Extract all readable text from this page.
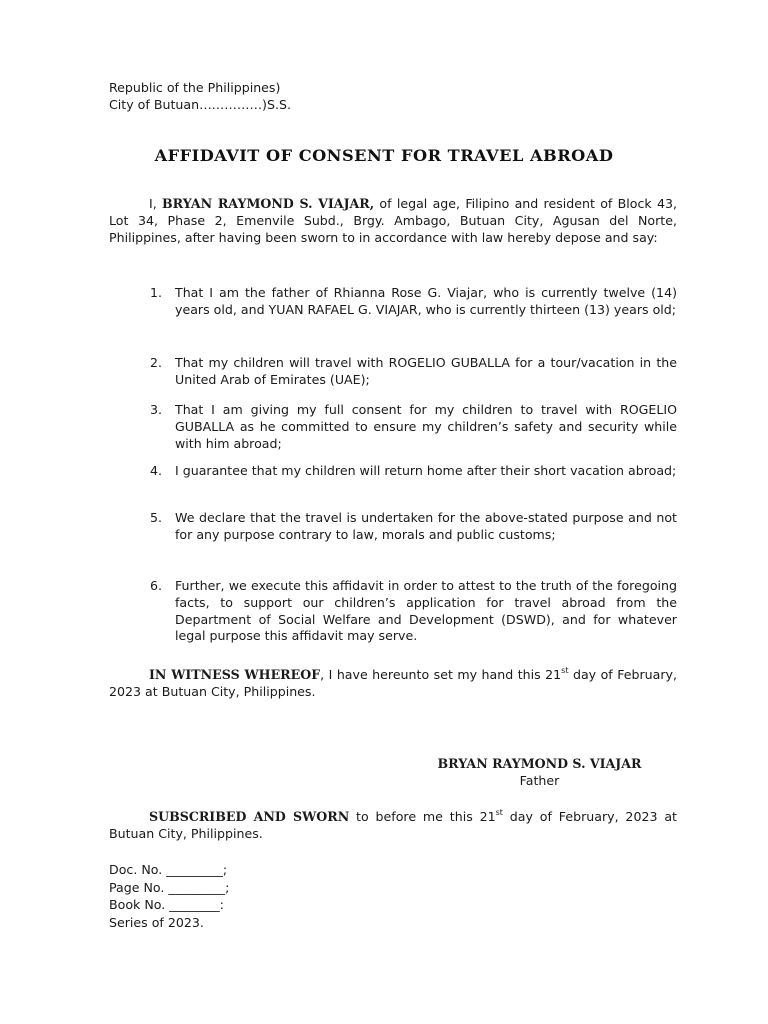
Republic of the Philippines)
City of Butuan……………)S.S.
AFFIDAVIT OF CONSENT FOR TRAVEL ABROAD
I, BRYAN RAYMOND S. VIAJAR, of legal age, Filipino and resident of Block 43, Lot 34, Phase 2, Emenvile Subd., Brgy. Ambago, Butuan City, Agusan del Norte, Philippines, after having been sworn to in accordance with law hereby depose and say:
1. That I am the father of Rhianna Rose G. Viajar, who is currently twelve (14) years old, and YUAN RAFAEL G. VIAJAR, who is currently thirteen (13) years old;
2. That my children will travel with ROGELIO GUBALLA for a tour/vacation in the United Arab of Emirates (UAE);
3. That I am giving my full consent for my children to travel with ROGELIO GUBALLA as he committed to ensure my children’s safety and security while with him abroad;
4. I guarantee that my children will return home after their short vacation abroad;
5. We declare that the travel is undertaken for the above-stated purpose and not for any purpose contrary to law, morals and public customs;
6. Further, we execute this affidavit in order to attest to the truth of the foregoing facts, to support our children’s application for travel abroad from the Department of Social Welfare and Development (DSWD), and for whatever legal purpose this affidavit may serve.
IN WITNESS WHEREOF, I have hereunto set my hand this 21st day of February, 2023 at Butuan City, Philippines.
BRYAN RAYMOND S. VIAJAR
Father
SUBSCRIBED AND SWORN to before me this 21st day of February, 2023 at Butuan City, Philippines.
Doc. No. _________;
Page No. _________;
Book No. ________:
Series of 2023.
